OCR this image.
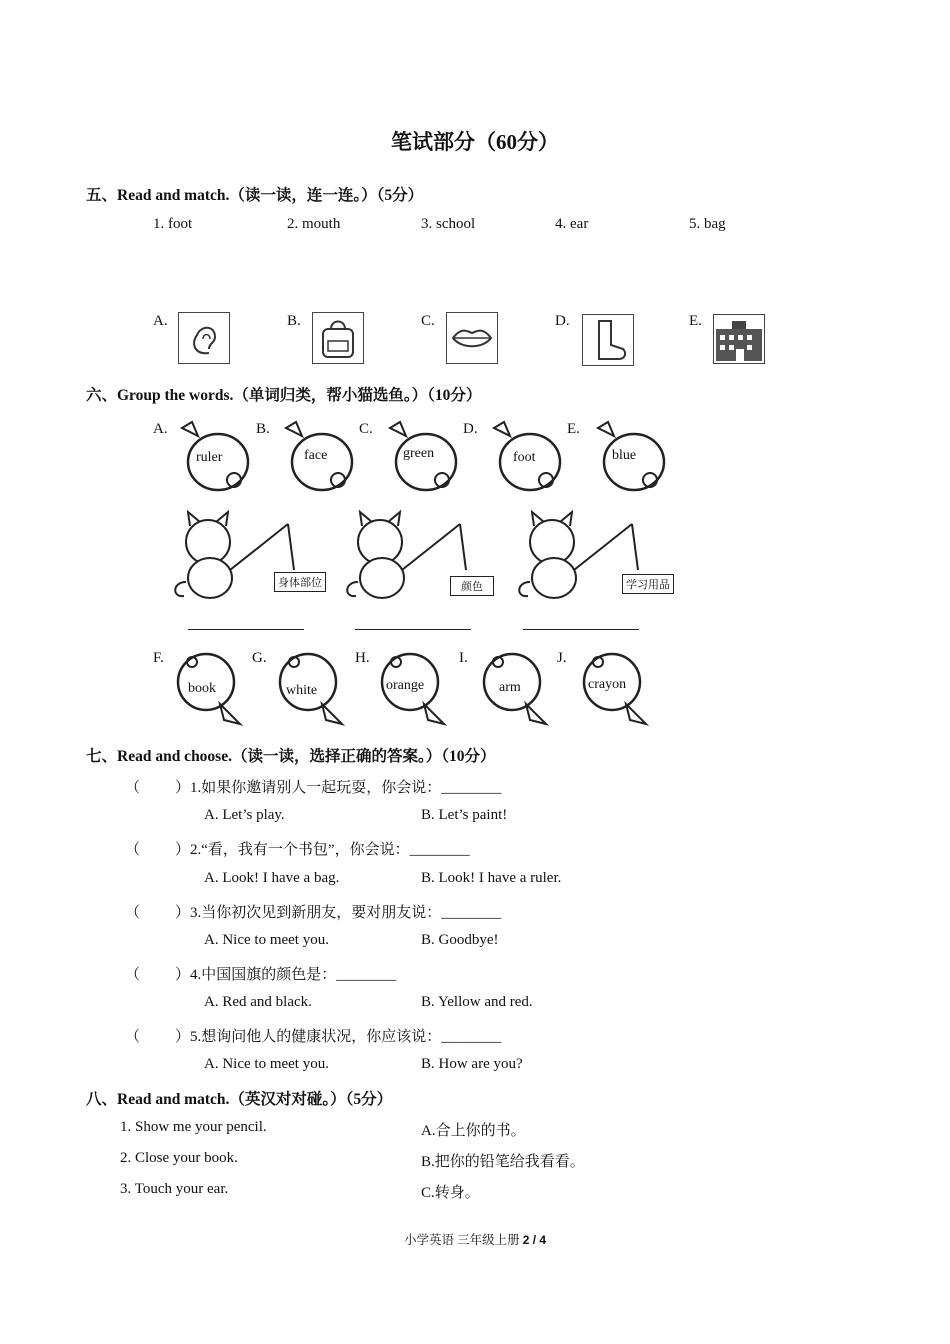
笔试部分（60分）
五、Read and match.（读一读，连一连。）（5分）
1. foot	2. mouth	3. school	4. ear	5. bag
A.	B.	C.	D.	E.
六、Group the words.（单词归类，帮小猫选鱼。）（10分）
A.	B.	C.	D.	E.
ruler	face	green	foot	blue
身体部位	颜色	学习用品
F.	G.	H.	I.	J.
book	white	orange	arm	crayon
七、Read and choose.（读一读，选择正确的答案。）（10分）
（ ）1.如果你邀请别人一起玩耍，你会说：________
A. Let’s play.	B. Let’s paint!
（ ）2.“看，我有一个书包”，你会说：________
A. Look! I have a bag.	B. Look! I have a ruler.
（ ）3.当你初次见到新朋友，要对朋友说：________
A. Nice to meet you.	B. Goodbye!
（ ）4.中国国旗的颜色是：________
A. Red and black.	B. Yellow and red.
（ ）5.想询问他人的健康状况，你应该说：________
A. Nice to meet you.	B. How are you?
八、Read and match.（英汉对对碰。）（5分）
1. Show me your pencil.
2. Close your book.
3. Touch your ear.
A.合上你的书。
B.把你的铅笔给我看看。
C.转身。
小学英语 三年级上册 2 / 4
